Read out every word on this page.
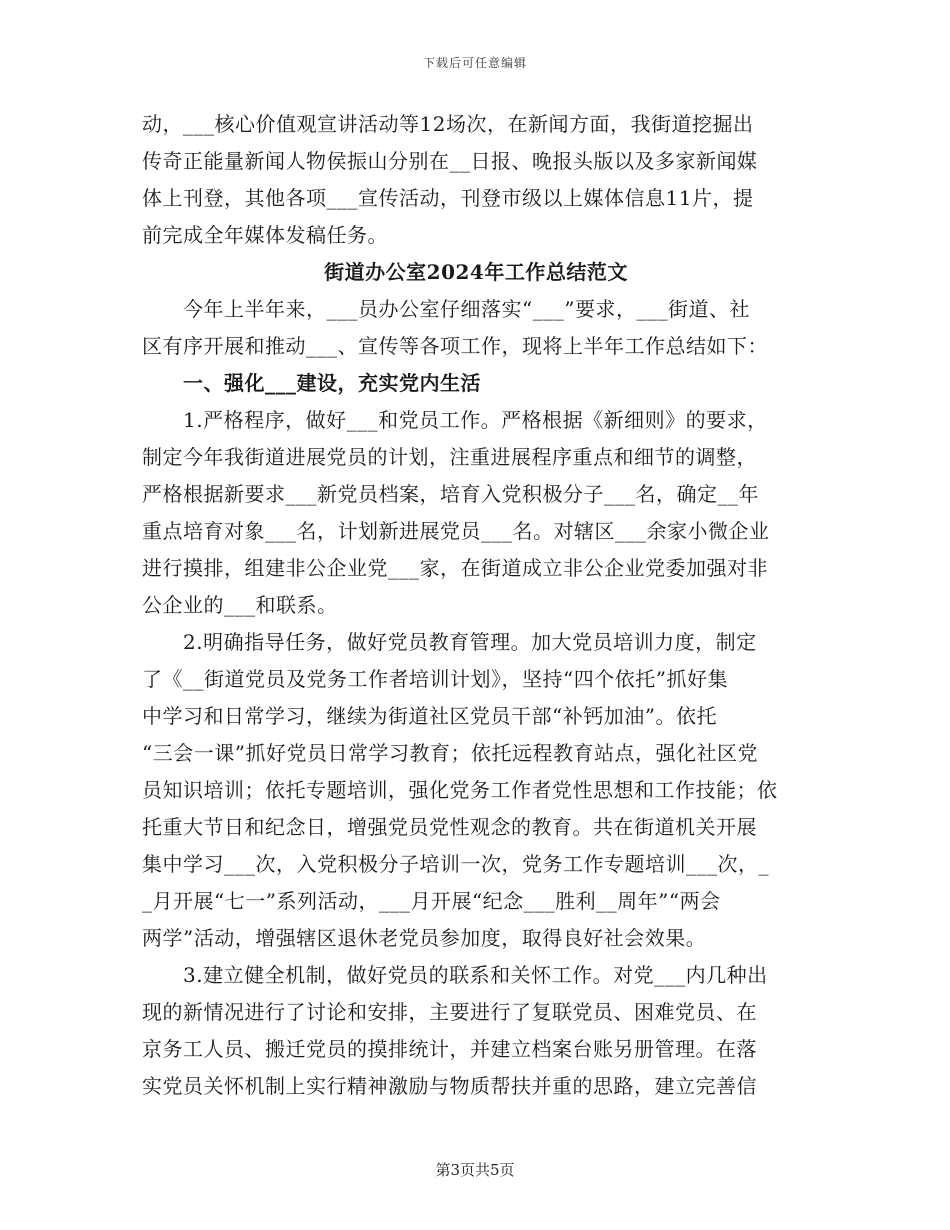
下载后可任意编辑
动，___核心价值观宣讲活动等12场次，在新闻方面，我街道挖掘出
传奇正能量新闻人物侯振山分别在__日报、晚报头版以及多家新闻媒
体上刊登，其他各项___宣传活动，刊登市级以上媒体信息11片，提
前完成全年媒体发稿任务。
街道办公室2024年工作总结范文
今年上半年来，___员办公室仔细落实“___”要求，___街道、社
区有序开展和推动___、宣传等各项工作，现将上半年工作总结如下：
一、强化___建设，充实党内生活
1.严格程序，做好___和党员工作。严格根据《新细则》的要求，
制定今年我街道进展党员的计划，注重进展程序重点和细节的调整，
严格根据新要求___新党员档案，培育入党积极分子___名，确定__年
重点培育对象___名，计划新进展党员___名。对辖区___余家小微企业
进行摸排，组建非公企业党___家，在街道成立非公企业党委加强对非
公企业的___和联系。
2.明确指导任务，做好党员教育管理。加大党员培训力度，制定
了《__街道党员及党务工作者培训计划》，坚持“四个依托”抓好集
中学习和日常学习，继续为街道社区党员干部“补钙加油”。依托
“三会一课”抓好党员日常学习教育；依托远程教育站点，强化社区党
员知识培训；依托专题培训，强化党务工作者党性思想和工作技能；依
托重大节日和纪念日，增强党员党性观念的教育。共在街道机关开展
集中学习___次，入党积极分子培训一次，党务工作专题培训___次，_
_月开展“七一”系列活动，___月开展“纪念___胜利__周年”“两会
两学”活动，增强辖区退休老党员参加度，取得良好社会效果。
3.建立健全机制，做好党员的联系和关怀工作。对党___内几种出
现的新情况进行了讨论和安排，主要进行了复联党员、困难党员、在
京务工人员、搬迁党员的摸排统计，并建立档案台账另册管理。在落
实党员关怀机制上实行精神激励与物质帮扶并重的思路，建立完善信
第3页共5页
